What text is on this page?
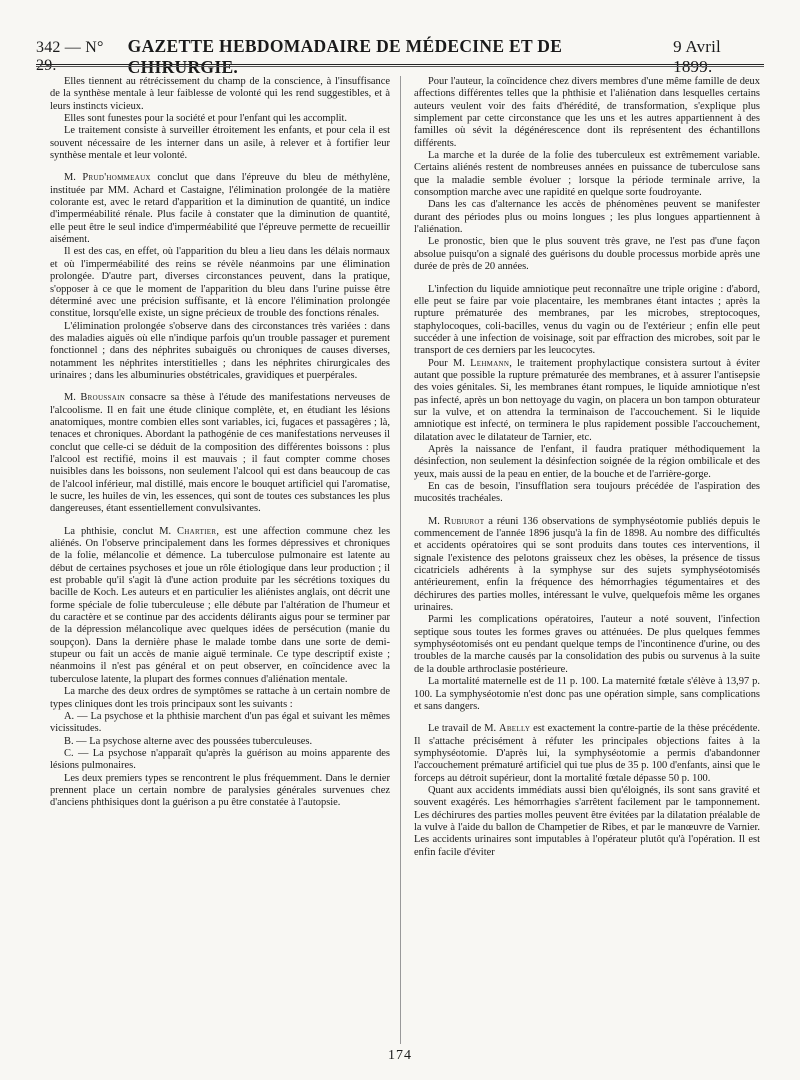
342 — N° 29.
GAZETTE HEBDOMADAIRE DE MÉDECINE ET DE CHIRURGIE.
9 Avril 1899.

Elles tiennent au rétrécissement du champ de la conscience, à l'insuffisance de la synthèse mentale à leur faiblesse de volonté qui les rend suggestibles, et à leurs instincts vicieux.

Elles sont funestes pour la société et pour l'enfant qui les accomplit.

Le traitement consiste à surveiller étroitement les enfants, et pour cela il est souvent nécessaire de les interner dans un asile, à relever et à fortifier leur synthèse mentale et leur volonté.

M. Prud'hommeaux conclut que dans l'épreuve du bleu de méthylène, instituée par MM. Achard et Castaigne, l'élimination prolongée de la matière colorante est, avec le retard d'apparition et la diminution de quantité, un indice d'imperméabilité rénale. Plus facile à constater que la diminution de quantité, elle peut être le seul indice d'imperméabilité que l'épreuve permette de recueillir aisément.

Il est des cas, en effet, où l'apparition du bleu a lieu dans les délais normaux et où l'imperméabilité des reins se révèle néanmoins par une élimination prolongée. D'autre part, diverses circonstances peuvent, dans la pratique, s'opposer à ce que le moment de l'apparition du bleu dans l'urine puisse être déterminé avec une précision suffisante, et là encore l'élimination prolongée constitue, lorsqu'elle existe, un signe précieux de trouble des fonctions rénales.

L'élimination prolongée s'observe dans des circonstances très variées : dans des maladies aiguës où elle n'indique parfois qu'un trouble passager et purement fonctionnel ; dans des néphrites subaiguës ou chroniques de causes diverses, notamment les néphrites interstitielles ; dans les néphrites chirurgicales des urinaires ; dans les albuminuries obstétricales, gravidiques et puerpérales.

M. Broussain consacre sa thèse à l'étude des manifestations nerveuses de l'alcoolisme. Il en fait une étude clinique complète, et, en étudiant les lésions anatomiques, montre combien elles sont variables, ici, fugaces et passagères ; là, tenaces et chroniques. Abordant la pathogénie de ces manifestations nerveuses il conclut que celle-ci se déduit de la composition des différentes boissons : plus l'alcool est rectifié, moins il est mauvais ; il faut compter comme choses nuisibles dans les boissons, non seulement l'alcool qui est dans beaucoup de cas de l'alcool inférieur, mal distillé, mais encore le bouquet artificiel qui l'aromatise, le sucre, les huiles de vin, les essences, qui sont de toutes ces substances les plus dangereuses, étant essentiellement convulsivantes.

La phthisie, conclut M. Chartier, est une affection commune chez les aliénés. On l'observe principalement dans les formes dépressives et chroniques de la folie, mélancolie et démence. La tuberculose pulmonaire est latente au début de certaines psychoses et joue un rôle étiologique dans leur production ; il est probable qu'il s'agit là d'une action produite par les sécrétions toxiques du bacille de Koch. Les auteurs et en particulier les aliénistes anglais, ont décrit une forme spéciale de folie tuberculeuse ; elle débute par l'altération de l'humeur et du caractère et se continue par des accidents délirants aigus pour se terminer par de la dépression mélancolique avec quelques idées de persécution (manie du soupçon). Dans la dernière phase le malade tombe dans une sorte de demi-stupeur ou fait un accès de manie aiguë terminale. Ce type descriptif existe ; néanmoins il n'est pas général et on peut observer, en coïncidence avec la tuberculose latente, la plupart des formes connues d'aliénation mentale.

La marche des deux ordres de symptômes se rattache à un certain nombre de types cliniques dont les trois principaux sont les suivants :

A. — La psychose et la phthisie marchent d'un pas égal et suivant les mêmes vicissitudes.

B. — La psychose alterne avec des poussées tuberculeuses.

C. — La psychose n'apparaît qu'après la guérison au moins apparente des lésions pulmonaires.

Les deux premiers types se rencontrent le plus fréquemment. Dans le dernier prennent place un certain nombre de paralysies générales survenues chez d'anciens phthisiques dont la guérison a pu être constatée à l'autopsie.

Pour l'auteur, la coïncidence chez divers membres d'une même famille de deux affections différentes telles que la phthisie et l'aliénation dans lesquelles certains auteurs veulent voir des faits d'hérédité, de transformation, s'explique plus simplement par cette circonstance que les uns et les autres appartiennent à des familles où sévit la dégénérescence dont ils représentent des échantillons différents.

La marche et la durée de la folie des tuberculeux est extrêmement variable. Certains aliénés restent de nombreuses années en puissance de tuberculose sans que la maladie semble évoluer ; lorsque la période terminale arrive, la consomption marche avec une rapidité en quelque sorte foudroyante.

Dans les cas d'alternance les accès de phénomènes peuvent se manifester durant des périodes plus ou moins longues ; les plus longues appartiennent à l'aliénation.

Le pronostic, bien que le plus souvent très grave, ne l'est pas d'une façon absolue puisqu'on a signalé des guérisons du double processus morbide après une durée de près de 20 années.

L'infection du liquide amniotique peut reconnaître une triple origine : d'abord, elle peut se faire par voie placentaire, les membranes étant intactes ; après la rupture prématurée des membranes, par les microbes, streptocoques, staphylocoques, coli-bacilles, venus du vagin ou de l'extérieur ; enfin elle peut succéder à une infection de voisinage, soit par effraction des microbes, soit par le transport de ces derniers par les leucocytes.

Pour M. Lehmann, le traitement prophylactique consistera surtout à éviter autant que possible la rupture prématurée des membranes, et à assurer l'antisepsie des voies génitales. Si, les membranes étant rompues, le liquide amniotique n'est pas infecté, après un bon nettoyage du vagin, on placera un bon tampon obturateur sur la vulve, et on attendra la terminaison de l'accouchement. Si le liquide amniotique est infecté, on terminera le plus rapidement possible l'accouchement, dilatation avec le dilatateur de Tarnier, etc.

Après la naissance de l'enfant, il faudra pratiquer méthodiquement la désinfection, non seulement la désinfection soignée de la région ombilicale et des yeux, mais aussi de la peau en entier, de la bouche et de l'arrière-gorge.

En cas de besoin, l'insufflation sera toujours précédée de l'aspiration des mucosités trachéales.

M. Rubiurot a réuni 136 observations de symphyséotomie publiés depuis le commencement de l'année 1896 jusqu'à la fin de 1898. Au nombre des difficultés et accidents opératoires qui se sont produits dans toutes ces interventions, il signale l'existence des pelotons graisseux chez les obèses, la présence de tissus cicatriciels adhérents à la symphyse sur des sujets symphyséotomisés antérieurement, enfin la fréquence des hémorrhagies tégumentaires et des déchirures des parties molles, intéressant le vulve, quelquefois même les organes urinaires.

Parmi les complications opératoires, l'auteur a noté souvent, l'infection septique sous toutes les formes graves ou atténuées. De plus quelques femmes symphyséotomisés ont eu pendant quelque temps de l'incontinence d'urine, ou des troubles de la marche causés par la consolidation des pubis ou survenus à la suite de la double arthroclasie postérieure.

La mortalité maternelle est de 11 p. 100. La maternité fœtale s'élève à 13,97 p. 100. La symphyséotomie n'est donc pas une opération simple, sans complications et sans dangers.

Le travail de M. Abelly est exactement la contre-partie de la thèse précédente. Il s'attache précisément à réfuter les principales objections faites à la symphyséotomie. D'après lui, la symphyséotomie a permis d'abandonner l'accouchement prématuré artificiel qui tue plus de 35 p. 100 d'enfants, ainsi que le forceps au détroit supérieur, dont la mortalité fœtale dépasse 50 p. 100.

Quant aux accidents immédiats aussi bien qu'éloignés, ils sont sans gravité et souvent exagérés. Les hémorrhagies s'arrêtent facilement par le tamponnement. Les déchirures des parties molles peuvent être évitées par la dilatation préalable de la vulve à l'aide du ballon de Champetier de Ribes, et par le manœuvre de Varnier. Les accidents urinaires sont imputables à l'opérateur plutôt qu'à l'opération. Il est enfin facile d'éviter

174
